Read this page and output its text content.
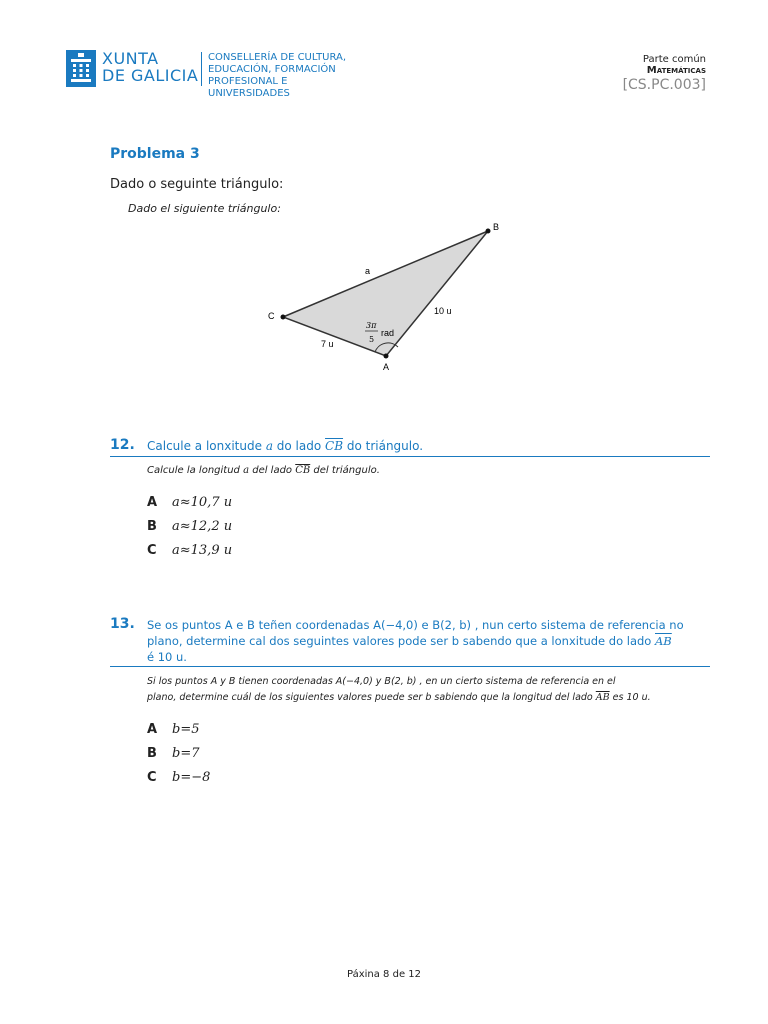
XUNTA
DE GALICIA
CONSELLERÍA DE CULTURA,
EDUCACIÓN, FORMACIÓN
PROFESIONAL E UNIVERSIDADES
Parte común
Matemáticas
[CS.PC.003]
Problema 3
Dado o seguinte triángulo:
Dado el siguiente triángulo:
C
B
A
a
10 u
7 u
3π
5
rad
12. Calcule a lonxitude a do lado $\overline{CB}$ do triángulo.
Calcule la longitud a del lado $\overline{CB}$ del triángulo.
A a≈10,7 u
B a≈12,2 u
C a≈13,9 u
13. Se os puntos A e B teñen coordenadas A(−4,0) e B(2, b) , nun certo sistema de referencia no
plano, determine cal dos seguintes valores pode ser b sabendo que a lonxitude do lado $\overline{AB}$
é 10 u.
Si los puntos A y B tienen coordenadas A(−4,0) y B(2, b) , en un cierto sistema de referencia en el
plano, determine cuál de los siguientes valores puede ser b sabiendo que la longitud del lado $\overline{AB}$ es 10 u.
A b=5
B b=7
C b=−8
Páxina 8 de 12
